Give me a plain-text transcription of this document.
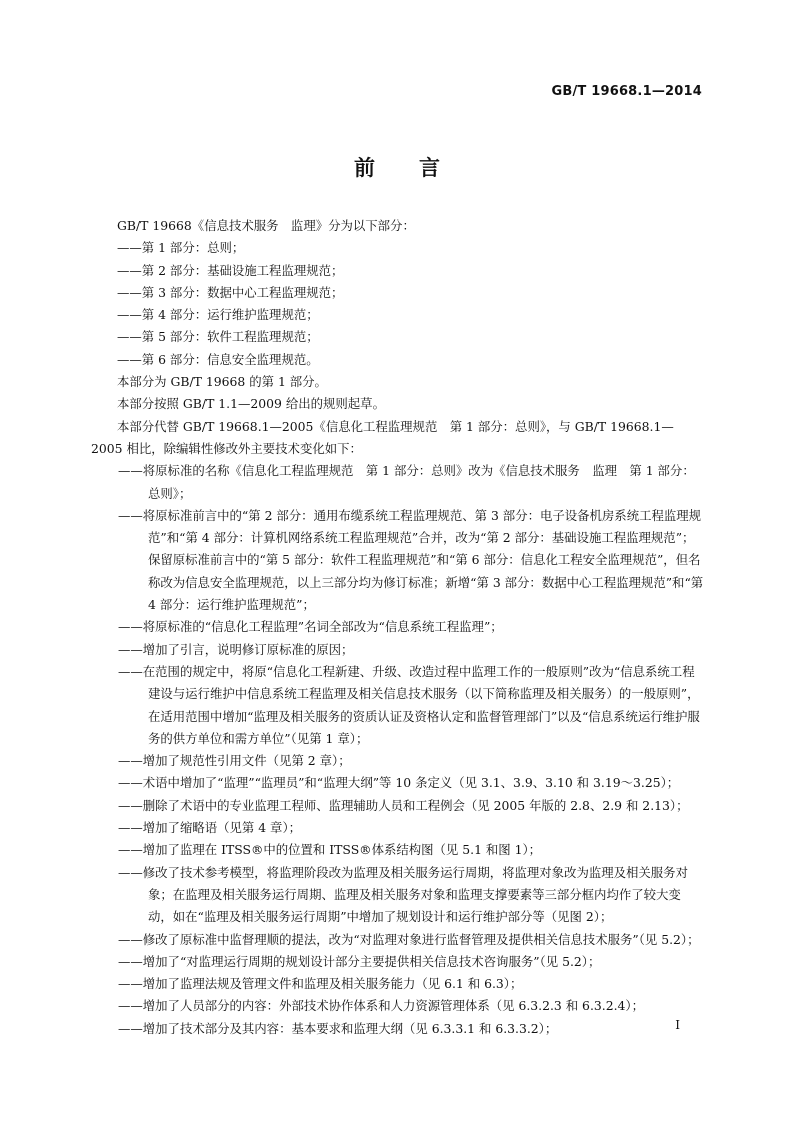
GB/T 19668.1—2014
前言

GB/T 19668《信息技术服务　监理》分为以下部分：

——第 1 部分：总则；

——第 2 部分：基础设施工程监理规范；

——第 3 部分：数据中心工程监理规范；

——第 4 部分：运行维护监理规范；

——第 5 部分：软件工程监理规范；

——第 6 部分：信息安全监理规范。

本部分为 GB/T 19668 的第 1 部分。

本部分按照 GB/T 1.1—2009 给出的规则起草。

本部分代替 GB/T 19668.1—2005《信息化工程监理规范　第 1 部分：总则》，与 GB/T 19668.1—2005 相比，除编辑性修改外主要技术变化如下：

——将原标准的名称《信息化工程监理规范　第 1 部分：总则》改为《信息技术服务　监理　第 1 部分：总则》；

——将原标准前言中的“第 2 部分：通用布缆系统工程监理规范、第 3 部分：电子设备机房系统工程监理规范”和“第 4 部分：计算机网络系统工程监理规范”合并，改为“第 2 部分：基础设施工程监理规范”；保留原标准前言中的“第 5 部分：软件工程监理规范”和“第 6 部分：信息化工程安全监理规范”，但名称改为信息安全监理规范，以上三部分均为修订标准；新增“第 3 部分：数据中心工程监理规范”和“第 4 部分：运行维护监理规范”；

——将原标准的“信息化工程监理”名词全部改为“信息系统工程监理”；

——增加了引言，说明修订原标准的原因；

——在范围的规定中，将原“信息化工程新建、升级、改造过程中监理工作的一般原则”改为“信息系统工程建设与运行维护中信息系统工程监理及相关信息技术服务（以下简称监理及相关服务）的一般原则”，在适用范围中增加“监理及相关服务的资质认证及资格认定和监督管理部门”以及“信息系统运行维护服务的供方单位和需方单位”（见第 1 章）；

——增加了规范性引用文件（见第 2 章）；

——术语中增加了“监理”“监理员”和“监理大纲”等 10 条定义（见 3.1、3.9、3.10 和 3.19～3.25）；

——删除了术语中的专业监理工程师、监理辅助人员和工程例会（见 2005 年版的 2.8、2.9 和 2.13）；

——增加了缩略语（见第 4 章）；

——增加了监理在 ITSS®中的位置和 ITSS®体系结构图（见 5.1 和图 1）；

——修改了技术参考模型，将监理阶段改为监理及相关服务运行周期，将监理对象改为监理及相关服务对象；在监理及相关服务运行周期、监理及相关服务对象和监理支撑要素等三部分框内均作了较大变动，如在“监理及相关服务运行周期”中增加了规划设计和运行维护部分等（见图 2）；

——修改了原标准中监督理顺的提法，改为“对监理对象进行监督管理及提供相关信息技术服务”（见 5.2）；

——增加了“对监理运行周期的规划设计部分主要提供相关信息技术咨询服务”（见 5.2）；

——增加了监理法规及管理文件和监理及相关服务能力（见 6.1 和 6.3）；

——增加了人员部分的内容：外部技术协作体系和人力资源管理体系（见 6.3.2.3 和 6.3.2.4）；

——增加了技术部分及其内容：基本要求和监理大纲（见 6.3.3.1 和 6.3.3.2）；	I
